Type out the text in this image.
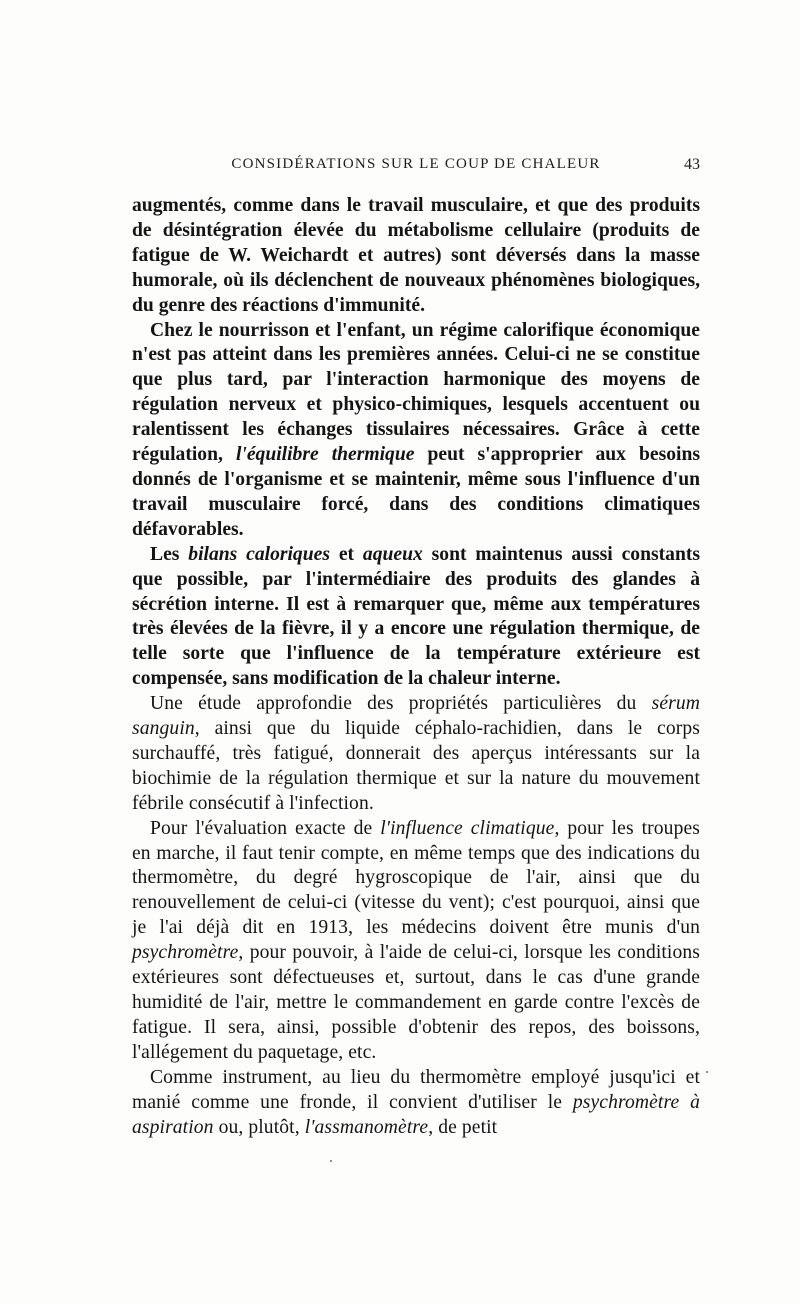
CONSIDÉRATIONS SUR LE COUP DE CHALEUR	43

augmentés, comme dans le travail musculaire, et que des produits de désintégration élevée du métabolisme cellulaire (produits de fatigue de W. Weichardt et autres) sont déversés dans la masse humorale, où ils déclenchent de nouveaux phénomènes biologiques, du genre des réactions d'immunité.

Chez le nourrisson et l'enfant, un régime calorifique économique n'est pas atteint dans les premières années. Celui-ci ne se constitue que plus tard, par l'interaction harmonique des moyens de régulation nerveux et physico-chimiques, lesquels accentuent ou ralentissent les échanges tissulaires nécessaires. Grâce à cette régulation, l'équilibre thermique peut s'approprier aux besoins donnés de l'organisme et se maintenir, même sous l'influence d'un travail musculaire forcé, dans des conditions climatiques défavorables.

Les bilans caloriques et aqueux sont maintenus aussi constants que possible, par l'intermédiaire des produits des glandes à sécrétion interne. Il est à remarquer que, même aux températures très élevées de la fièvre, il y a encore une régulation thermique, de telle sorte que l'influence de la température extérieure est compensée, sans modification de la chaleur interne.

Une étude approfondie des propriétés particulières du sérum sanguin, ainsi que du liquide céphalo-rachidien, dans le corps surchauffé, très fatigué, donnerait des aperçus intéressants sur la biochimie de la régulation thermique et sur la nature du mouvement fébrile consécutif à l'infection.

Pour l'évaluation exacte de l'influence climatique, pour les troupes en marche, il faut tenir compte, en même temps que des indications du thermomètre, du degré hygroscopique de l'air, ainsi que du renouvellement de celui-ci (vitesse du vent); c'est pourquoi, ainsi que je l'ai déjà dit en 1913, les médecins doivent être munis d'un psychromètre, pour pouvoir, à l'aide de celui-ci, lorsque les conditions extérieures sont défectueuses et, surtout, dans le cas d'une grande humidité de l'air, mettre le commandement en garde contre l'excès de fatigue. Il sera, ainsi, possible d'obtenir des repos, des boissons, l'allégement du paquetage, etc.

Comme instrument, au lieu du thermomètre employé jusqu'ici et manié comme une fronde, il convient d'utiliser le psychromètre à aspiration ou, plutôt, l'assmanomètre, de petit
